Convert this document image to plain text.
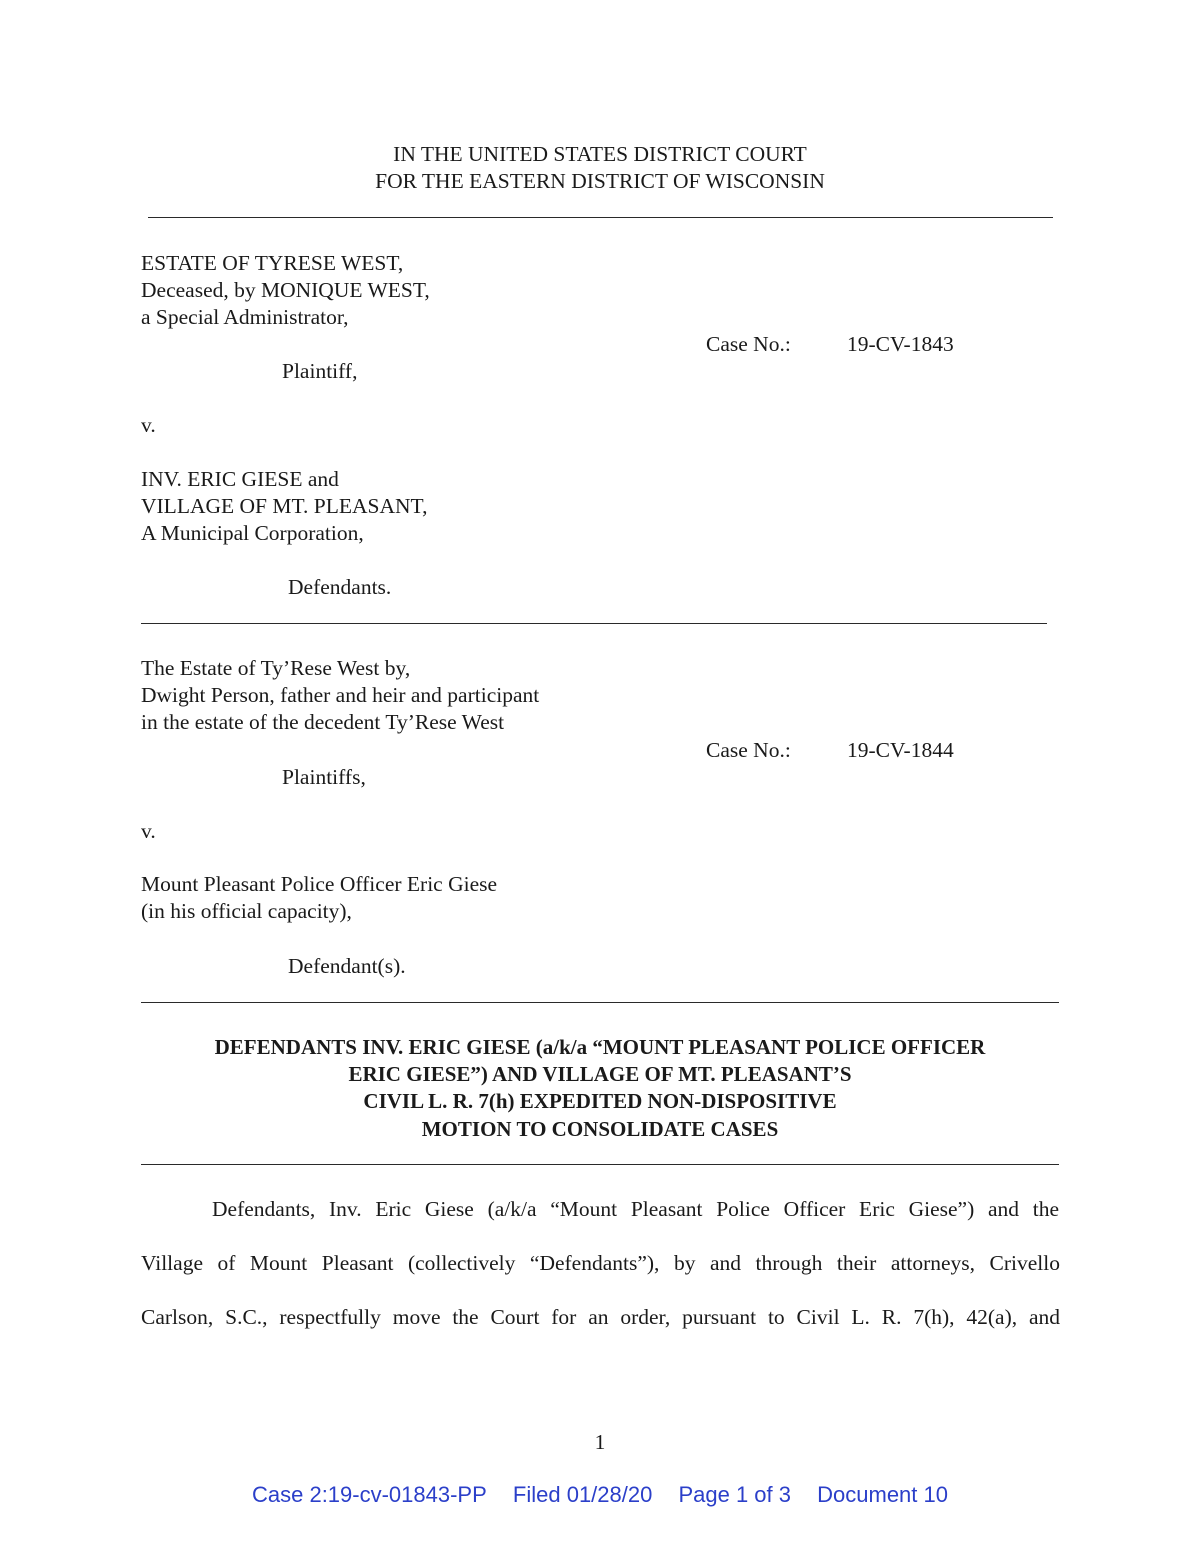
IN THE UNITED STATES DISTRICT COURT
FOR THE EASTERN DISTRICT OF WISCONSIN
ESTATE OF TYRESE WEST,
Deceased, by MONIQUE WEST,
a Special Administrator,
Case No.:	19-CV-1843
Plaintiff,
v.
INV. ERIC GIESE and
VILLAGE OF MT. PLEASANT,
A Municipal Corporation,
Defendants.
The Estate of Ty’Rese West by,
Dwight Person, father and heir and participant
in the estate of the decedent Ty’Rese West
Case No.:	19-CV-1844
Plaintiffs,
v.
Mount Pleasant Police Officer Eric Giese
(in his official capacity),
Defendant(s).
DEFENDANTS INV. ERIC GIESE (a/k/a “MOUNT PLEASANT POLICE OFFICER
ERIC GIESE”) AND VILLAGE OF MT. PLEASANT’S
CIVIL L. R. 7(h) EXPEDITED NON-DISPOSITIVE
MOTION TO CONSOLIDATE CASES
Defendants, Inv. Eric Giese (a/k/a “Mount Pleasant Police Officer Eric Giese”) and the
Village of Mount Pleasant (collectively “Defendants”), by and through their attorneys, Crivello
Carlson, S.C., respectfully move the Court for an order, pursuant to Civil L. R. 7(h), 42(a), and
1
Case 2:19-cv-01843-PP Filed 01/28/20 Page 1 of 3 Document 10
